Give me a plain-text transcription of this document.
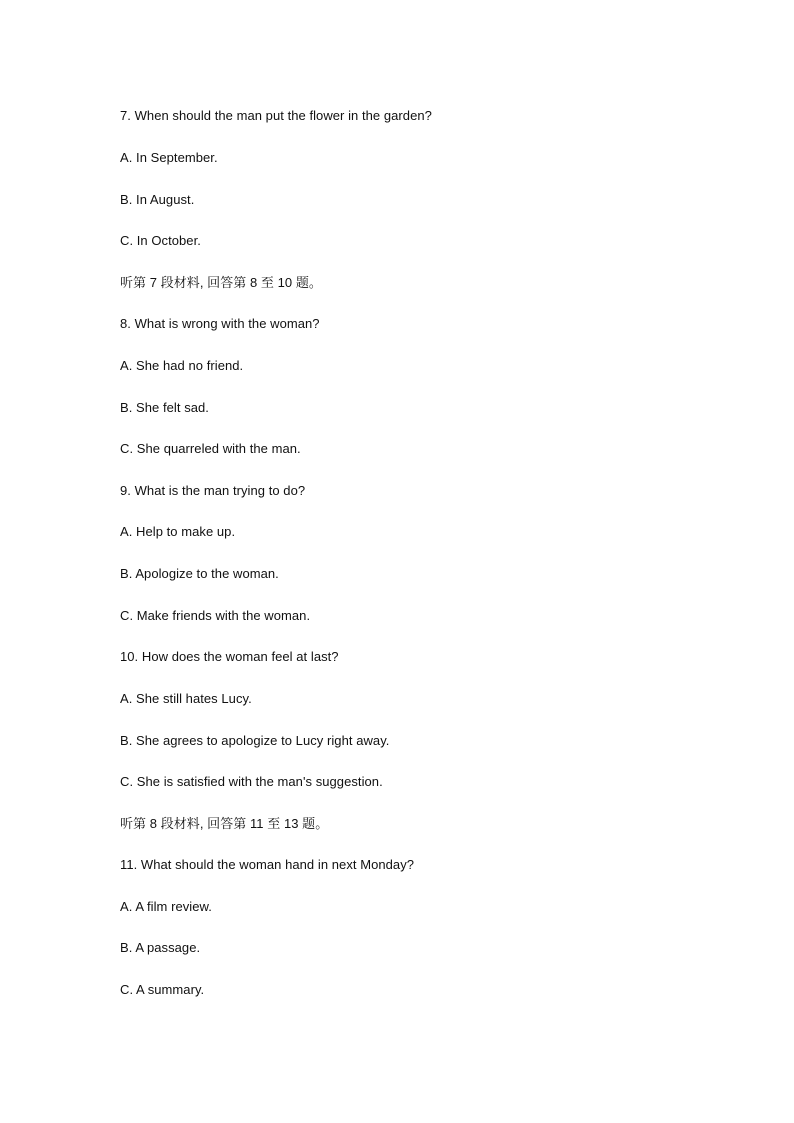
7. When should the man put the flower in the garden?
A. In September.
B. In August.
C. In October.
听第 7 段材料, 回答第 8 至 10 题。
8. What is wrong with the woman?
A. She had no friend.
B. She felt sad.
C. She quarreled with the man.
9. What is the man trying to do?
A. Help to make up.
B. Apologize to the woman.
C. Make friends with the woman.
10. How does the woman feel at last?
A. She still hates Lucy.
B. She agrees to apologize to Lucy right away.
C. She is satisfied with the man's suggestion.
听第 8 段材料, 回答第 11 至 13 题。
11. What should the woman hand in next Monday?
A. A film review.
B. A passage.
C. A summary.
